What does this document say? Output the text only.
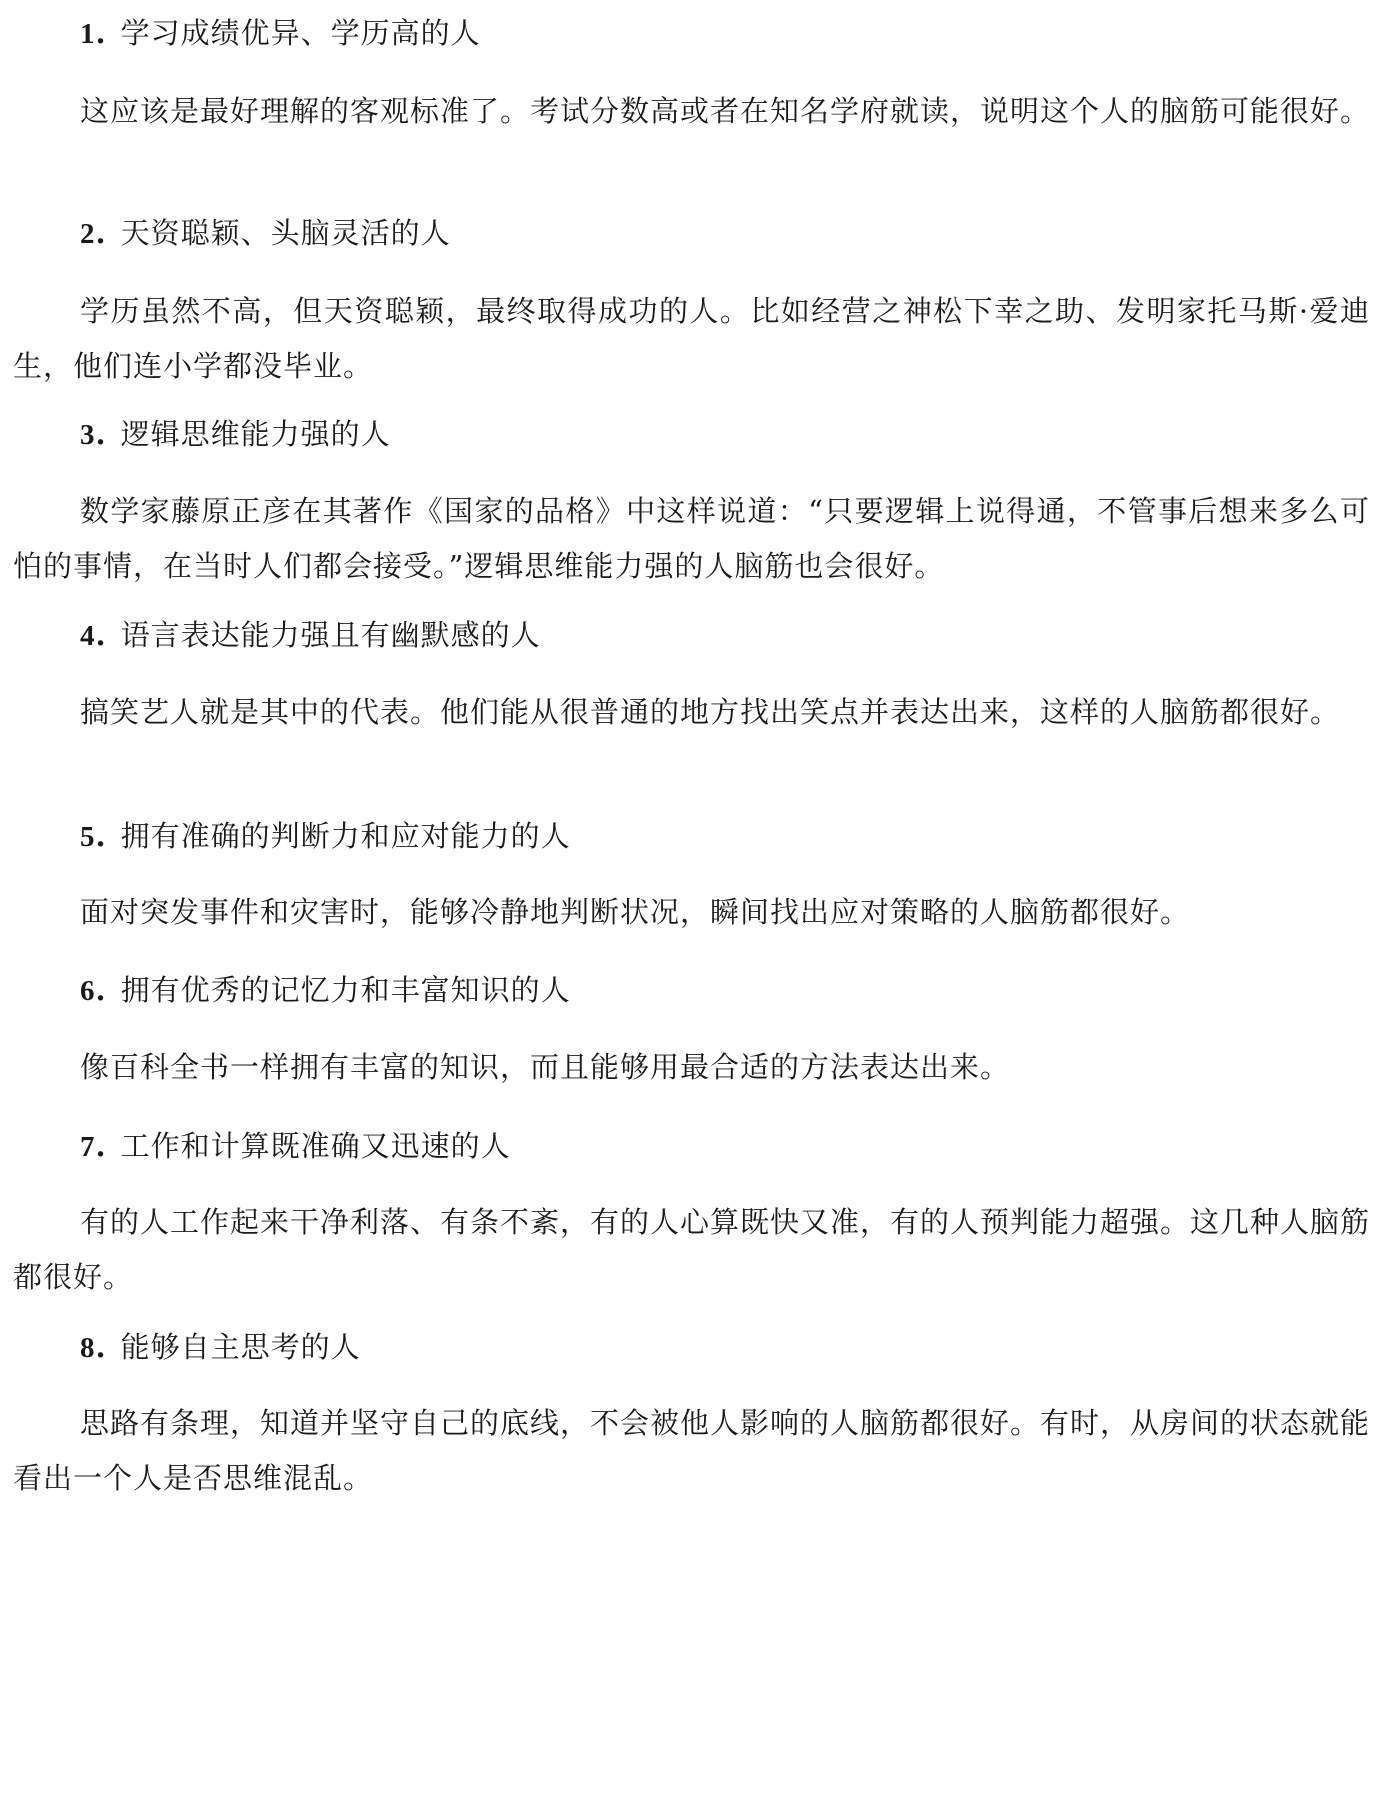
1. 学习成绩优异、学历高的人

这应该是最好理解的客观标准了。考试分数高或者在知名学府就读，说明这个人的脑筋可能很好。

2. 天资聪颖、头脑灵活的人

学历虽然不高，但天资聪颖，最终取得成功的人。比如经营之神松下幸之助、发明家托马斯·爱迪生，他们连小学都没毕业。

3. 逻辑思维能力强的人

数学家藤原正彦在其著作《国家的品格》中这样说道：“只要逻辑上说得通，不管事后想来多么可怕的事情，在当时人们都会接受。”逻辑思维能力强的人脑筋也会很好。

4. 语言表达能力强且有幽默感的人

搞笑艺人就是其中的代表。他们能从很普通的地方找出笑点并表达出来，这样的人脑筋都很好。

5. 拥有准确的判断力和应对能力的人

面对突发事件和灾害时，能够冷静地判断状况，瞬间找出应对策略的人脑筋都很好。

6. 拥有优秀的记忆力和丰富知识的人

像百科全书一样拥有丰富的知识，而且能够用最合适的方法表达出来。

7. 工作和计算既准确又迅速的人

有的人工作起来干净利落、有条不紊，有的人心算既快又准，有的人预判能力超强。这几种人脑筋都很好。

8. 能够自主思考的人

思路有条理，知道并坚守自己的底线，不会被他人影响的人脑筋都很好。有时，从房间的状态就能看出一个人是否思维混乱。
